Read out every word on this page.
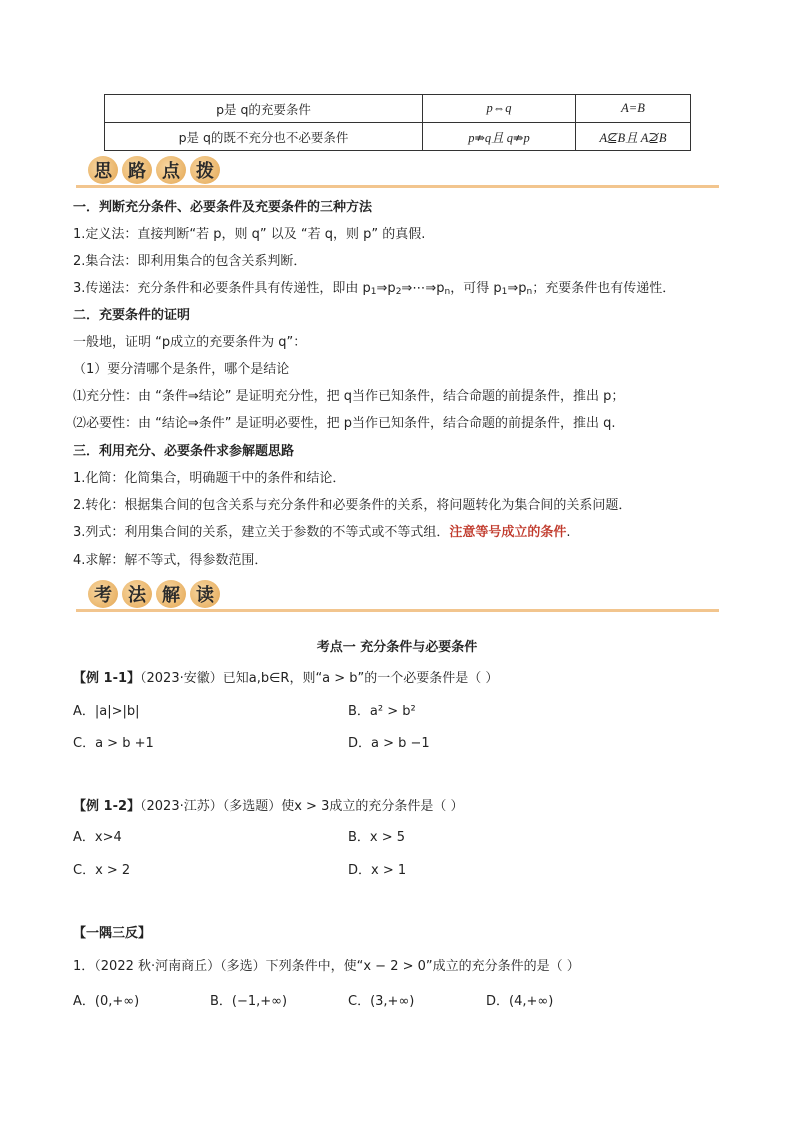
p是 q的充要条件	p⇔q	A=B
p是 q的既不充分也不必要条件	p⇏q且 q⇏p	A⊈B且 A⊉B
思 路 点 拨
一．判断充分条件、必要条件及充要条件的三种方法
1.定义法：直接判断“若 p，则 q” 以及 “若 q，则 p” 的真假.
2.集合法：即利用集合的包含关系判断．
3.传递法：充分条件和必要条件具有传递性，即由 $p_1\Rightarrow p_2\Rightarrow\cdots\Rightarrow p_n$，可得 $p_1\Rightarrow p_n$；充要条件也有传递性．
二．充要条件的证明
一般地，证明 “p成立的充要条件为 q”：
（1）要分清哪个是条件，哪个是结论
⑴充分性：由 “条件⇒结论” 是证明充分性，把 q当作已知条件，结合命题的前提条件，推出 p；
⑵必要性：由 “结论⇒条件” 是证明必要性，把 p当作已知条件，结合命题的前提条件，推出 q.
三．利用充分、必要条件求参解题思路
1.化简：化简集合，明确题干中的条件和结论．
2.转化：根据集合间的包含关系与充分条件和必要条件的关系，将问题转化为集合间的关系问题．
3.列式：利用集合间的关系，建立关于参数的不等式或不等式组．注意等号成立的条件.
4.求解：解不等式，得参数范围．
考 法 解 读
考点一 充分条件与必要条件
【例 1-1】（2023·安徽）已知a,b∈R，则“a > b”的一个必要条件是（ ）
A．|a|>|b|	B．a² > b²
C．a > b +1	D．a > b −1
【例 1-2】（2023·江苏）（多选题）使x > 3成立的充分条件是（ ）
A．x>4	B．x > 5
C．x > 2	D．x > 1
【一隅三反】
1．（2022 秋·河南商丘）（多选）下列条件中，使“x − 2 > 0”成立的充分条件的是（ ）
A．(0,+∞)	B．(−1,+∞)	C．(3,+∞)	D．(4,+∞)
